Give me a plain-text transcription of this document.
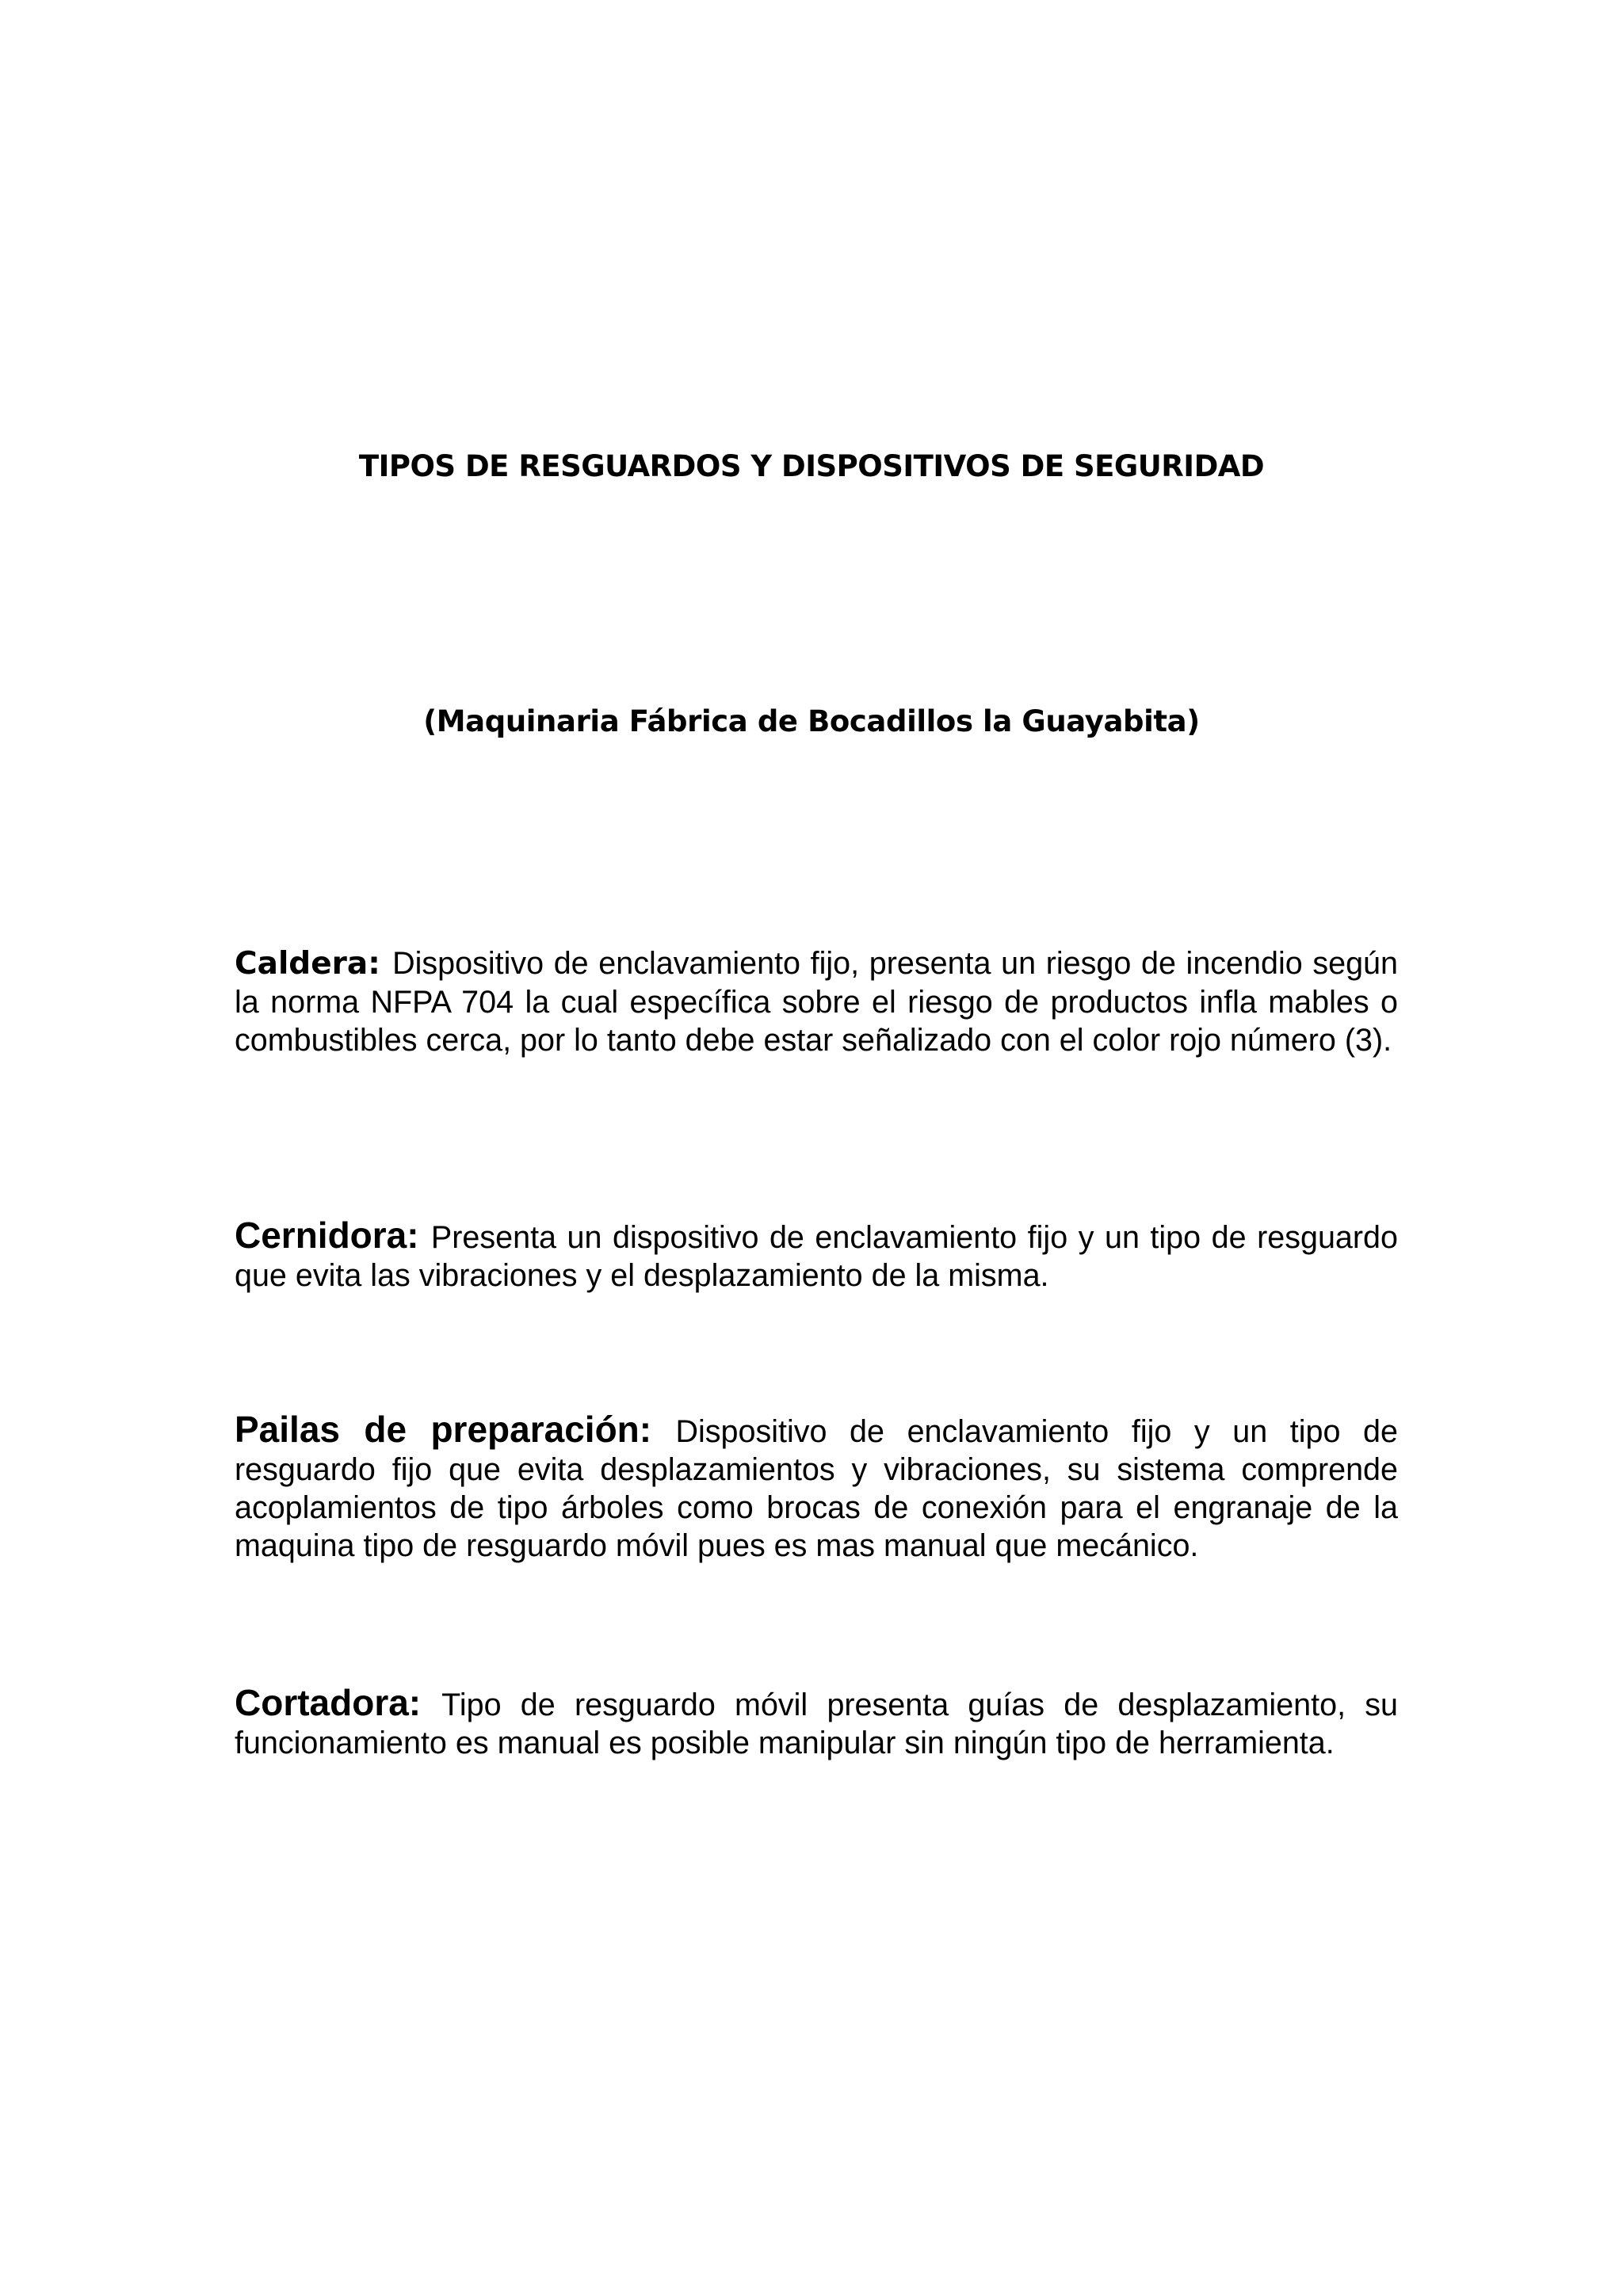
TIPOS DE RESGUARDOS Y DISPOSITIVOS DE SEGURIDAD
(Maquinaria Fábrica de Bocadillos la Guayabita)
Caldera: Dispositivo de enclavamiento fijo, presenta un riesgo de incendio según la norma NFPA 704 la cual específica sobre el riesgo de productos infla mables o combustibles cerca, por lo tanto debe estar señalizado con el color rojo número (3).
Cernidora: Presenta un dispositivo de enclavamiento fijo y un tipo de resguardo que evita las vibraciones y el desplazamiento de la misma.
Pailas de preparación: Dispositivo de enclavamiento fijo y un tipo de resguardo fijo que evita desplazamientos y vibraciones, su sistema comprende acoplamientos de tipo árboles como brocas de conexión para el engranaje de la maquina tipo de resguardo móvil pues es mas manual que mecánico.
Cortadora: Tipo de resguardo móvil presenta guías de desplazamiento, su funcionamiento es manual es posible manipular sin ningún tipo de herramienta.
